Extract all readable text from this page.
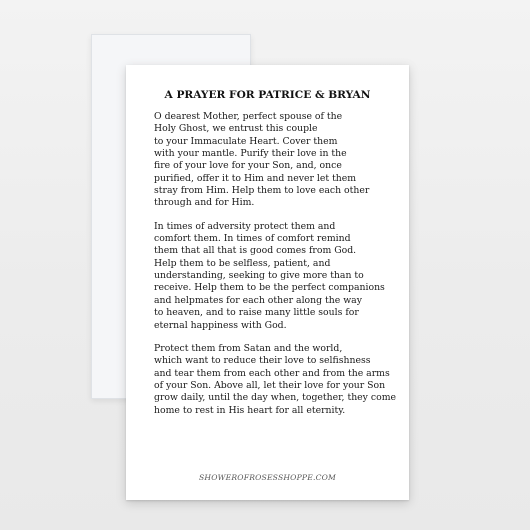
A PRAYER FOR PATRICE & BRYAN
O dearest Mother, perfect spouse of the
Holy Ghost, we entrust this couple
to your Immaculate Heart. Cover them
with your mantle. Purify their love in the
fire of your love for your Son, and, once
purified, offer it to Him and never let them
stray from Him. Help them to love each other
through and for Him.
In times of adversity protect them and
comfort them. In times of comfort remind
them that all that is good comes from God.
Help them to be selfless, patient, and
understanding, seeking to give more than to
receive. Help them to be the perfect companions
and helpmates for each other along the way
to heaven, and to raise many little souls for
eternal happiness with God.
Protect them from Satan and the world,
which want to reduce their love to selfishness
and tear them from each other and from the arms
of your Son. Above all, let their love for your Son
grow daily, until the day when, together, they come
home to rest in His heart for all eternity.
SHOWEROFROSESSHOPPE.COM
